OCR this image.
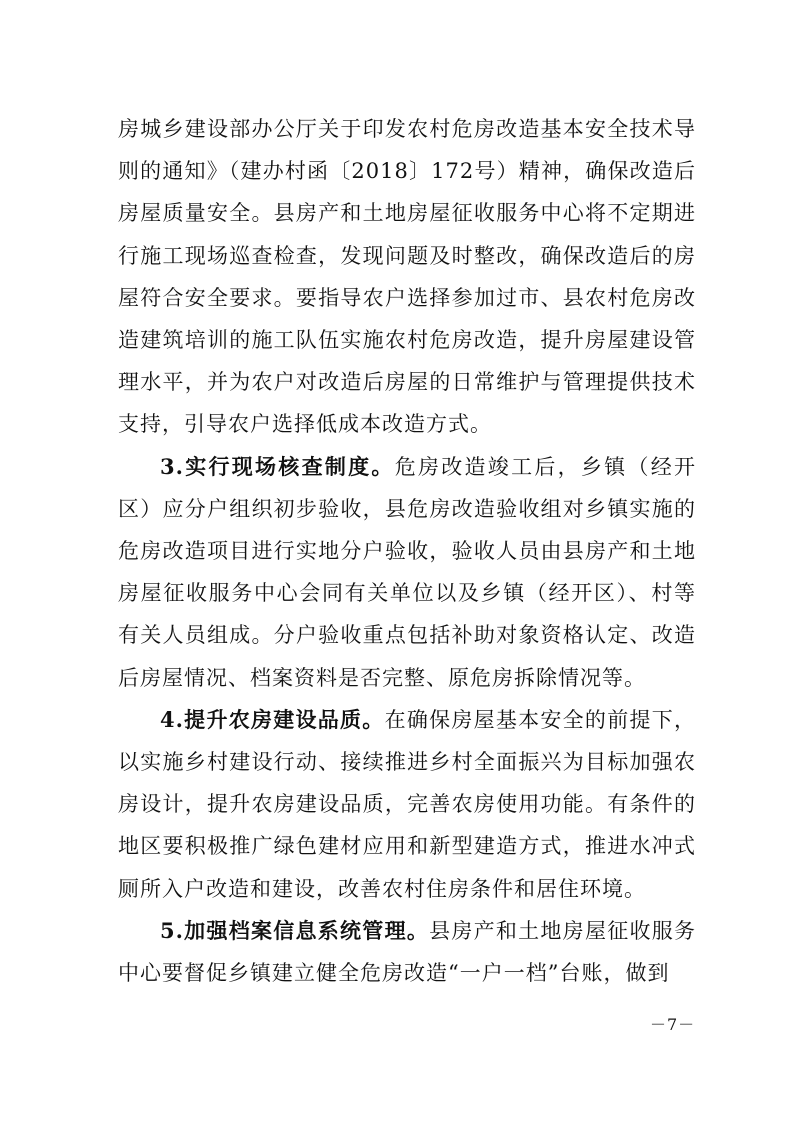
房城乡建设部办公厅关于印发农村危房改造基本安全技术导则的通知》（建办村函〔2018〕172号）精神，确保改造后房屋质量安全。县房产和土地房屋征收服务中心将不定期进行施工现场巡查检查，发现问题及时整改，确保改造后的房屋符合安全要求。要指导农户选择参加过市、县农村危房改造建筑培训的施工队伍实施农村危房改造，提升房屋建设管理水平，并为农户对改造后房屋的日常维护与管理提供技术支持，引导农户选择低成本改造方式。

3.实行现场核查制度。危房改造竣工后，乡镇（经开区）应分户组织初步验收，县危房改造验收组对乡镇实施的危房改造项目进行实地分户验收，验收人员由县房产和土地房屋征收服务中心会同有关单位以及乡镇（经开区）、村等有关人员组成。分户验收重点包括补助对象资格认定、改造后房屋情况、档案资料是否完整、原危房拆除情况等。

4.提升农房建设品质。在确保房屋基本安全的前提下，以实施乡村建设行动、接续推进乡村全面振兴为目标加强农房设计，提升农房建设品质，完善农房使用功能。有条件的地区要积极推广绿色建材应用和新型建造方式，推进水冲式厕所入户改造和建设，改善农村住房条件和居住环境。

5.加强档案信息系统管理。县房产和土地房屋征收服务中心要督促乡镇建立健全危房改造“一户一档”台账，做到

－7－
